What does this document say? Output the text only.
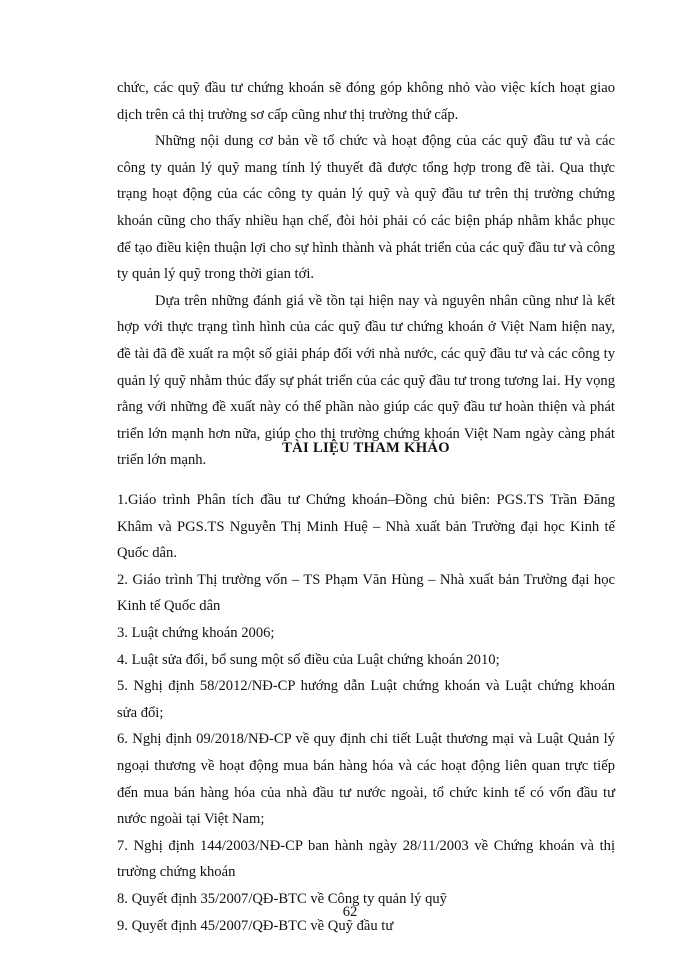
chức, các quỹ đầu tư chứng khoán sẽ đóng góp không nhỏ vào việc kích hoạt giao dịch trên cả thị trường sơ cấp cũng như thị trường thứ cấp.

Những nội dung cơ bản về tổ chức và hoạt động của các quỹ đầu tư và các công ty quản lý quỹ mang tính lý thuyết đã được tổng hợp trong đề tài. Qua thực trạng hoạt động của các công ty quản lý quỹ và quỹ đầu tư trên thị trường chứng khoán cũng cho thấy nhiều hạn chế, đòi hỏi phải có các biện pháp nhằm khắc phục để tạo điều kiện thuận lợi cho sự hình thành và phát triển của các quỹ đầu tư và công ty quản lý quỹ trong thời gian tới.

Dựa trên những đánh giá về tồn tại hiện nay và nguyên nhân cũng như là kết hợp với thực trạng tình hình của các quỹ đầu tư chứng khoán ở Việt Nam hiện nay, đề tài đã đề xuất ra một số giải pháp đối với nhà nước, các quỹ đầu tư và các công ty quản lý quỹ nhằm thúc đẩy sự phát triển của các quỹ đầu tư trong tương lai. Hy vọng rằng với những đề xuất này có thể phần nào giúp các quỹ đầu tư hoàn thiện và phát triển lớn mạnh hơn nữa, giúp cho thị trường chứng khoán Việt Nam ngày càng phát triển lớn mạnh.

TÀI LIỆU THAM KHẢO

1.Giáo trình Phân tích đầu tư Chứng khoán–Đồng chủ biên: PGS.TS Trần Đăng Khâm và PGS.TS Nguyễn Thị Minh Huệ – Nhà xuất bản Trường đại học Kinh tế Quốc dân.

2. Giáo trình Thị trường vốn – TS Phạm Văn Hùng – Nhà xuất bản Trường đại học Kinh tế Quốc dân

3. Luật chứng khoán 2006;

4. Luật sửa đổi, bổ sung một số điều của Luật chứng khoán 2010;

5. Nghị định 58/2012/NĐ-CP hướng dẫn Luật chứng khoán và Luật chứng khoán sửa đổi;

6. Nghị định 09/2018/NĐ-CP về quy định chi tiết Luật thương mại và Luật Quản lý ngoại thương về hoạt động mua bán hàng hóa và các hoạt động liên quan trực tiếp đến mua bán hàng hóa của nhà đầu tư nước ngoài, tổ chức kinh tế có vốn đầu tư nước ngoài tại Việt Nam;

7. Nghị định 144/2003/NĐ-CP ban hành ngày 28/11/2003 về Chứng khoán và thị trường chứng khoán

8. Quyết định 35/2007/QĐ-BTC về Công ty quản lý quỹ

9. Quyết định 45/2007/QĐ-BTC về Quỹ đầu tư

62
